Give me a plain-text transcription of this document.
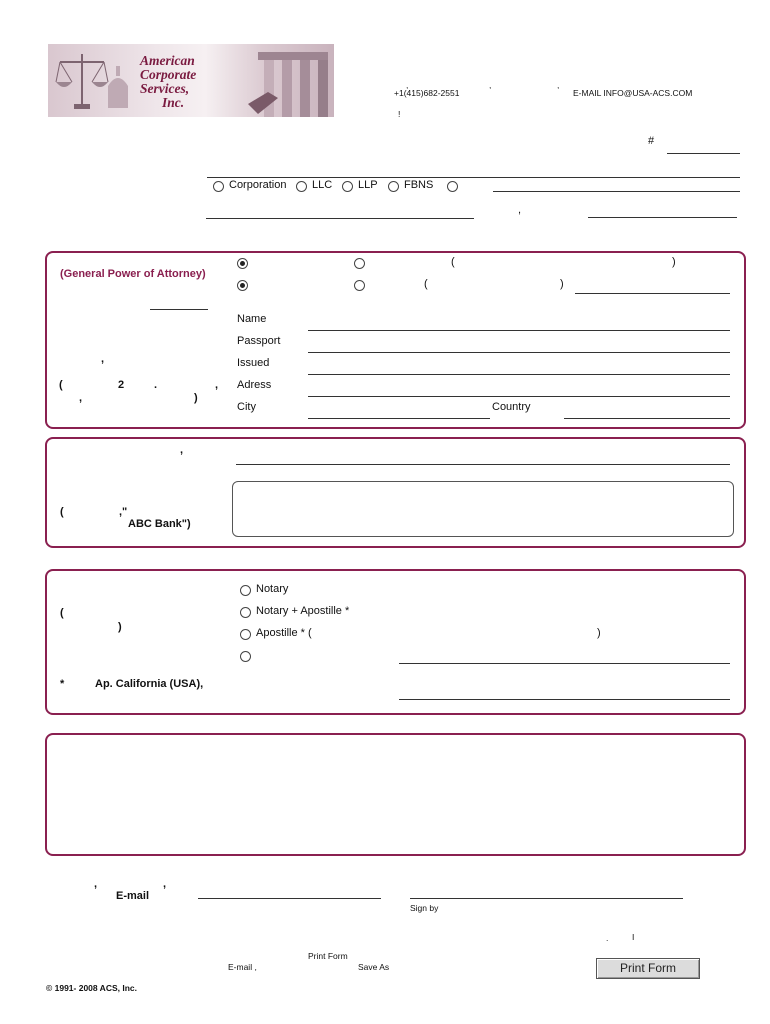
American
Corporate
Services,
Inc.
,	,	,
+1(415)682-2551	E-MAIL INFO@USA-ACS.COM
!
#
Corporation LLC LLP FBNS
,
(General Power of Attorney)
,
(	2	.	,
,	)
(	)
(	)
Name
Passport
Issued
Adress
City	Country
,
(	,"
ABC Bank")
(
)
*	Ap. California (USA),
Notary
Notary + Apostille *
Apostille * (	)
,	,
E-mail
Sign by
.	I
Print Form
E-mail ,	Save As	Print Form
© 1991- 2008 ACS, Inc.
